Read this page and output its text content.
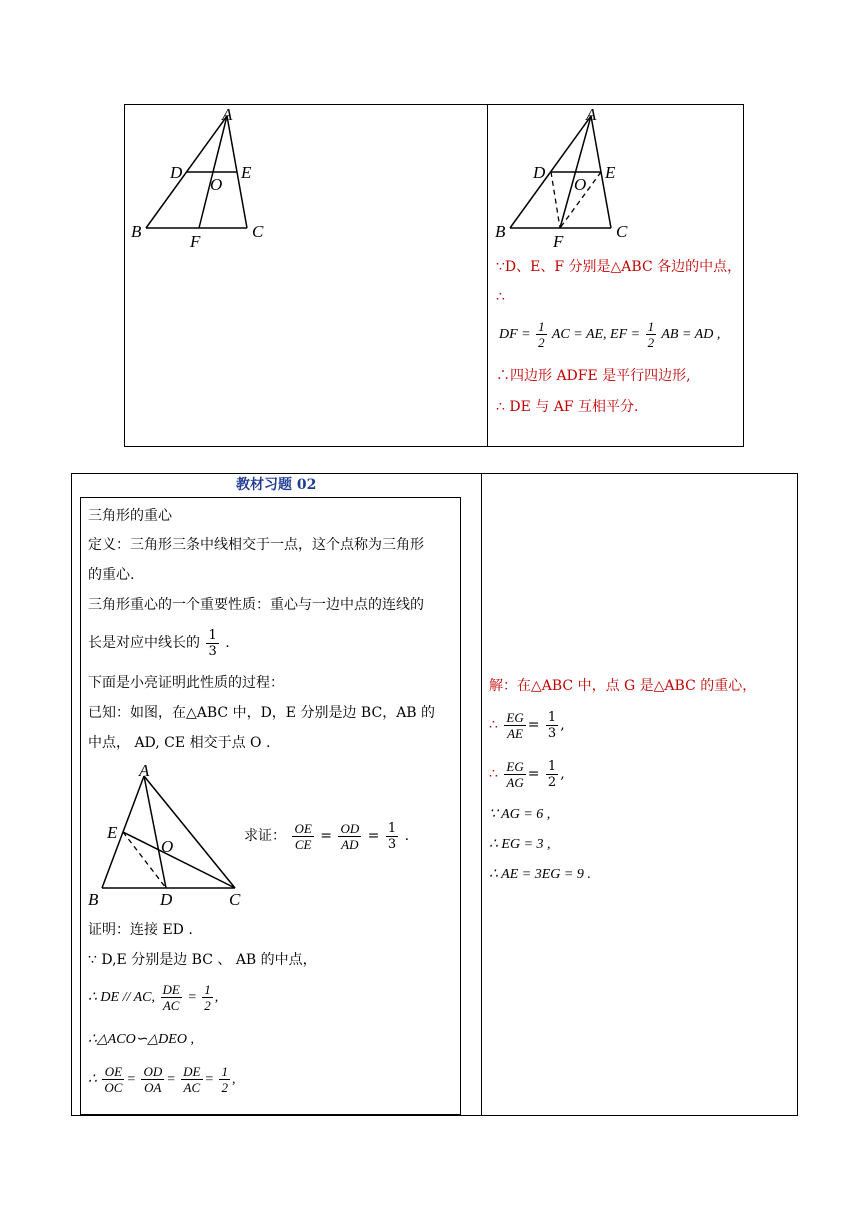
A
D	E
O
B
F
C
A
D	E
O
B
F
C
∵D、E、F 分别是△ABC 各边的中点，
∴
DF = $\frac{1}{2}$ AC = AE, EF = $\frac{1}{2}$ AB = AD ,
∴四边形 ADFE 是平行四边形,
∴ DE 与 AF 互相平分.
教材习题 02
三角形的重心
定义：三角形三条中线相交于一点，这个点称为三角形
的重心.
三角形重心的一个重要性质：重心与一边中点的连线的
长是对应中线长的 $\frac{1}{3}$ .
下面是小亮证明此性质的过程：
已知：如图，在△ABC 中，D，E 分别是边 BC，AB 的
中点， AD, CE 相交于点 O .
A
E
O
B	D	C
求证： $\frac{OE}{CE} = \frac{OD}{AD} = \frac{1}{3}$ .
证明：连接 ED .
∵ D,E 分别是边 BC 、 AB 的中点，
∴ DE // AC, $\frac{DE}{AC} = \frac{1}{2}$ ,
∴△ACO∽△DEO ,
∴ $\frac{OE}{OC} = \frac{OD}{OA} = \frac{DE}{AC} = \frac{1}{2}$ ,
解：在△ABC 中，点 G 是△ABC 的重心，
∴ $\frac{EG}{AE} = \frac{1}{3}$ ,
∴ $\frac{EG}{AG} = \frac{1}{2}$ ,
∵ AG = 6 ,
∴ EG = 3 ,
∴ AE = 3EG = 9 .
